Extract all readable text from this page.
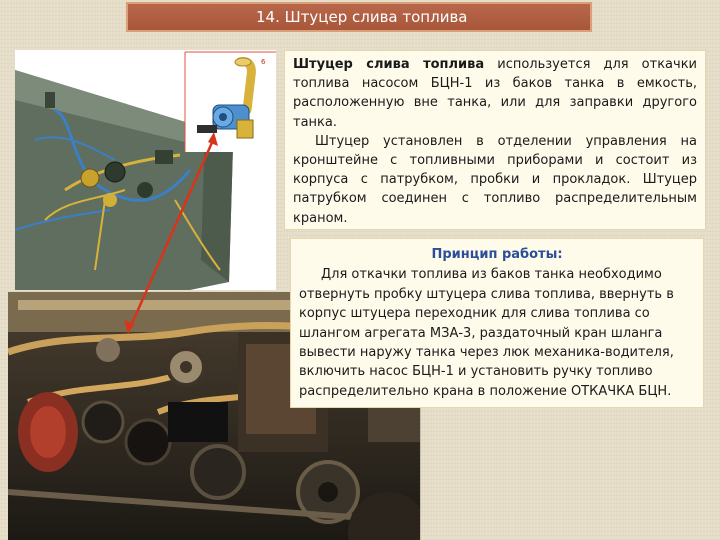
14. Штуцер слива топлива
6 Штуцер слива топлива используется для откачки топлива насосом БЦН-1 из баков танка в емкость, расположенную вне танка, или для заправки другого танка.

Штуцер установлен в отделении управления на кронштейне с топливными приборами и состоит из корпуса с патрубком, пробки и прокладок. Штуцер патрубком соединен с топливо распределительным краном.

Принцип работы:

Для откачки топлива из баков танка необходимо отвернуть пробку штуцера слива топлива, ввернуть в корпус штуцера переходник для слива топлива со шлангом агрегата МЗА-3, раздаточный кран шланга вывести наружу танка через люк механика-водителя, включить насос БЦН-1 и установить ручку топливо распределительно крана в положение ОТКАЧКА БЦН.
